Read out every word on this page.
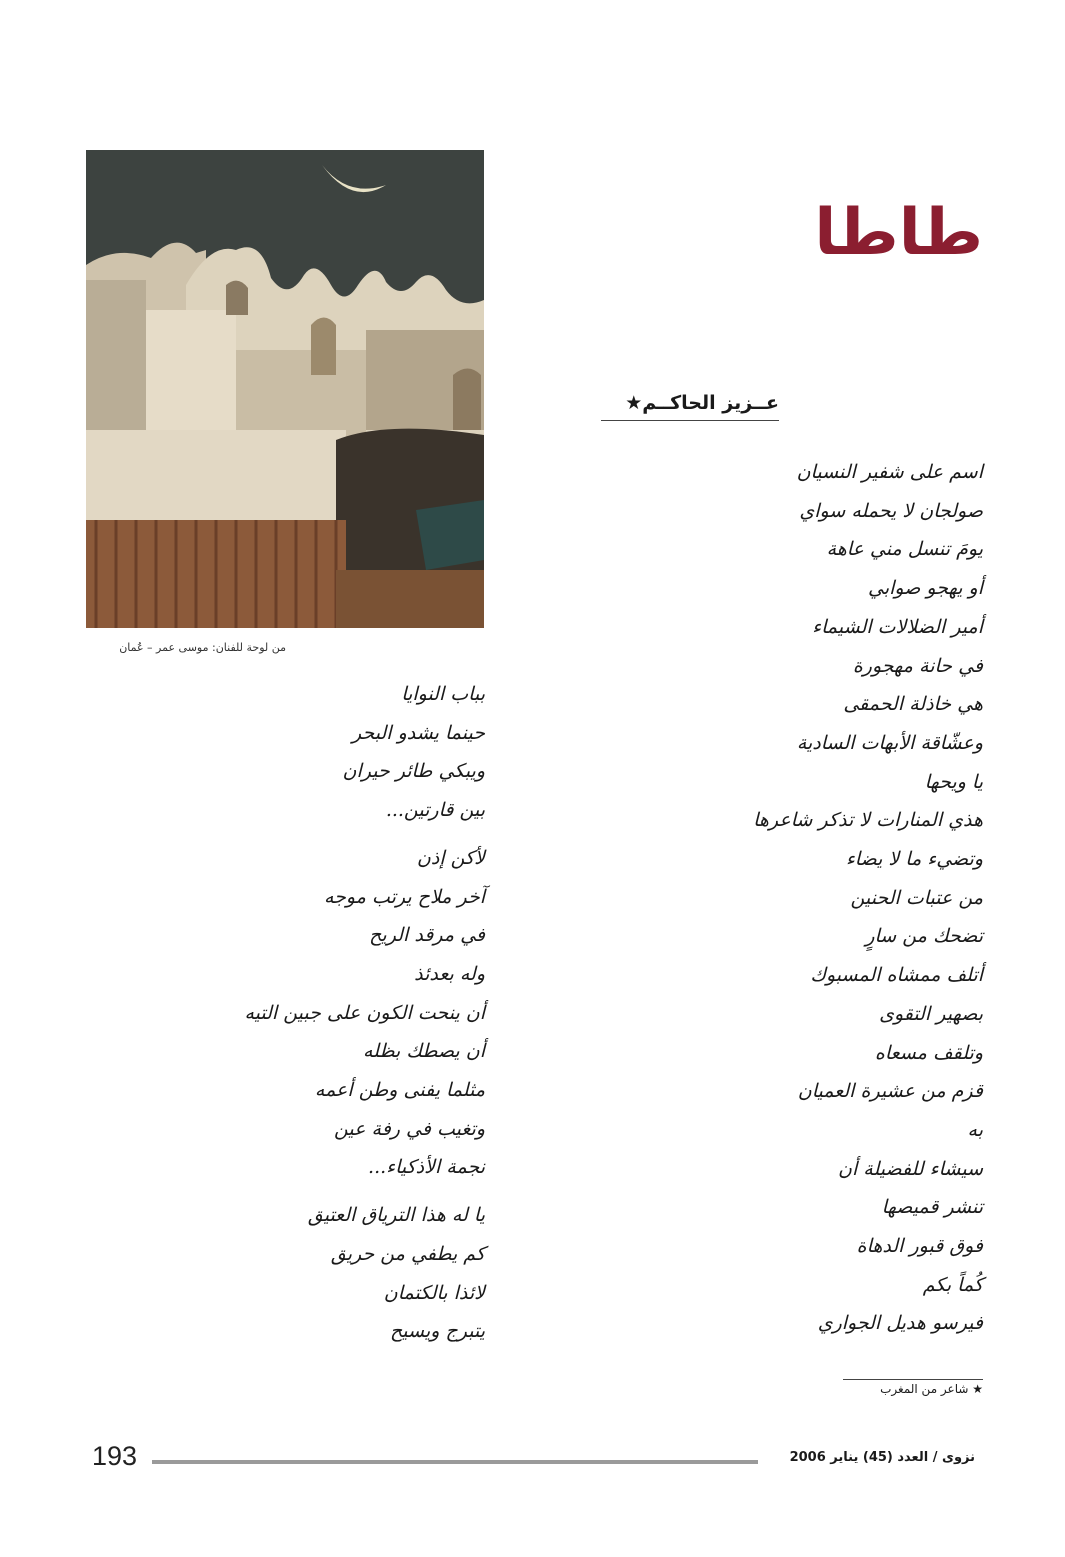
من لوحة للفنان: موسى عمر – عُمان
طاطا
عــزيز الحاكــم★
اسم على شفير النسيان
صولجان لا يحمله سواي
يومَ تنسل مني عاهة
أو يهجو صوابي
أمير الضلالات الشيماء
في حانة مهجورة
هي خاذلة الحمقى
وعشّاقة الأبهات السادية
يا ويحها
هذي المنارات لا تذكر شاعرها
وتضيء ما لا يضاء
من عتبات الحنين
تضحك من سارٍ
أتلف ممشاه المسبوك
بصهير التقوى
وتلقف مسعاه
قزم من عشيرة العميان
به
سيشاء للفضيلة أن
تنشر قميصها
فوق قبور الدهاة
كُماً بكم
فيرسو هديل الجواري
بباب النوايا
حينما يشدو البحر
ويبكي طائر حيران
بين قارتين...
لأكن إذن
آخر ملاح يرتب موجه
في مرقد الريح
وله بعدئذ
أن ينحت الكون على جبين التيه
أن يصطك بظله
مثلما يفنى وطن أعمه
وتغيب في رفة عين
نجمة الأذكياء...
يا له هذا الترياق العتيق
كم يطفي من حريق
لائذا بالكتمان
يتبرج ويسيح
★ شاعر من المغرب
193	نزوى / العدد (45) يناير 2006
